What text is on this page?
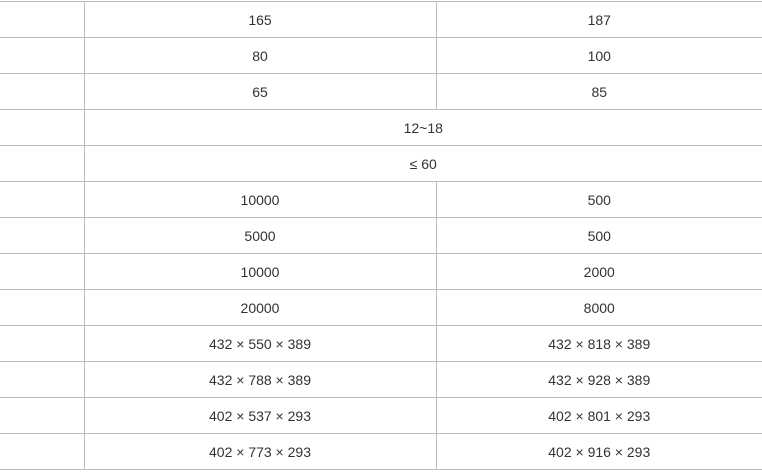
	165	187
	80	100
	65	85
	12~18	
	≤ 60	
	10000	500
	5000	500
	10000	2000
	20000	8000
	432 × 550 × 389	432 × 818 × 389
	432 × 788 × 389	432 × 928 × 389
	402 × 537 × 293	402 × 801 × 293
	402 × 773 × 293	402 × 916 × 293
